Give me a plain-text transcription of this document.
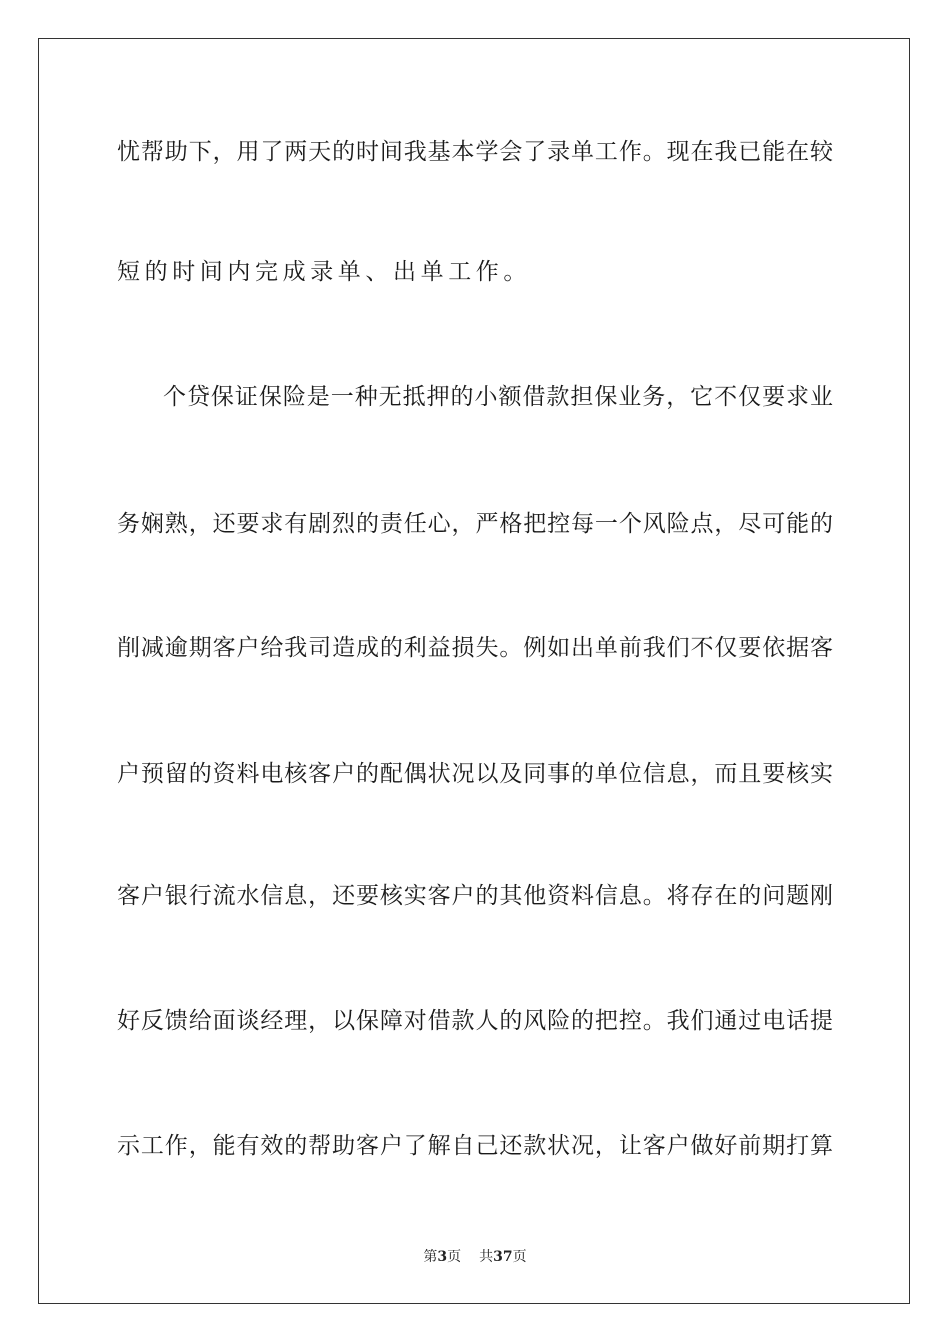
忧帮助下，用了两天的时间我基本学会了录单工作。现在我已能在较
短的时间内完成录单、出单工作。
个贷保证保险是一种无抵押的小额借款担保业务，它不仅要求业
务娴熟，还要求有剧烈的责任心，严格把控每一个风险点，尽可能的
削减逾期客户给我司造成的利益损失。例如出单前我们不仅要依据客
户预留的资料电核客户的配偶状况以及同事的单位信息，而且要核实
客户银行流水信息，还要核实客户的其他资料信息。将存在的问题刚
好反馈给面谈经理，以保障对借款人的风险的把控。我们通过电话提
示工作，能有效的帮助客户了解自己还款状况，让客户做好前期打算
第3页 共37页
